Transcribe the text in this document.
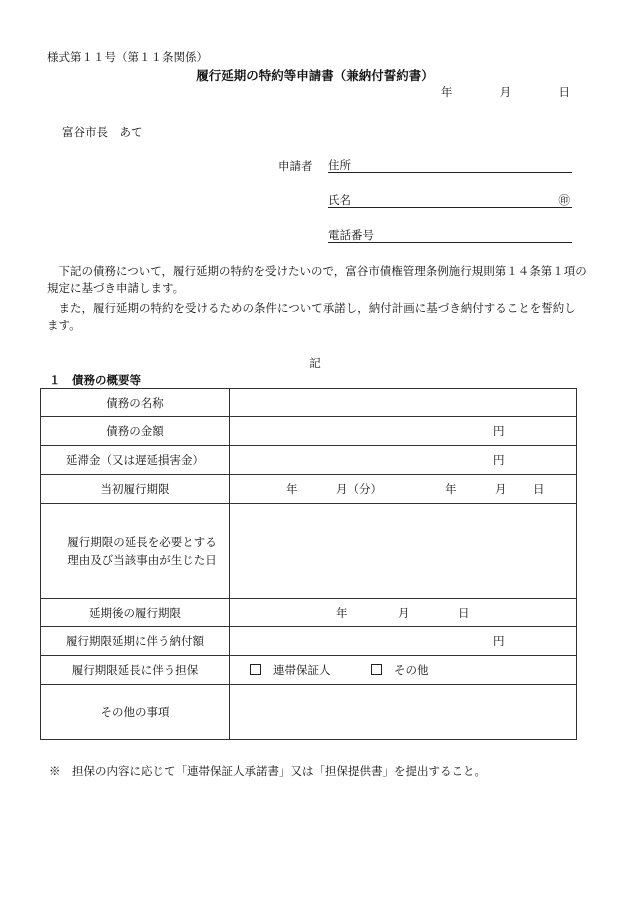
様式第１１号（第１１条関係）
履行延期の特約等申請書（兼納付誓約書）
年	月	日
富谷市長　あて
申請者 住所
氏名	㊞
電話番号
　下記の債務について，履行延期の特約を受けたいので，富谷市債権管理条例施行規則第１４条第１項の規定に基づき申請します。
　また，履行延期の特約を受けるための条件について承諾し，納付計画に基づき納付することを誓約します。
記
１　債務の概要等
債務の名称	
債務の金額	円

延滞金（又は遅延損害金）	円

当初履行期限	年 月（分） 年 月 日

履行期限の延長を必要とする
理由及び当該事由が生じた日	

延期後の履行期限	年 月 日

履行期限延期に伴う納付額	円

履行期限延長に伴う担保	連帯保証人 その他

その他の事項	
※　担保の内容に応じて「連帯保証人承諾書」又は「担保提供書」を提出すること。
